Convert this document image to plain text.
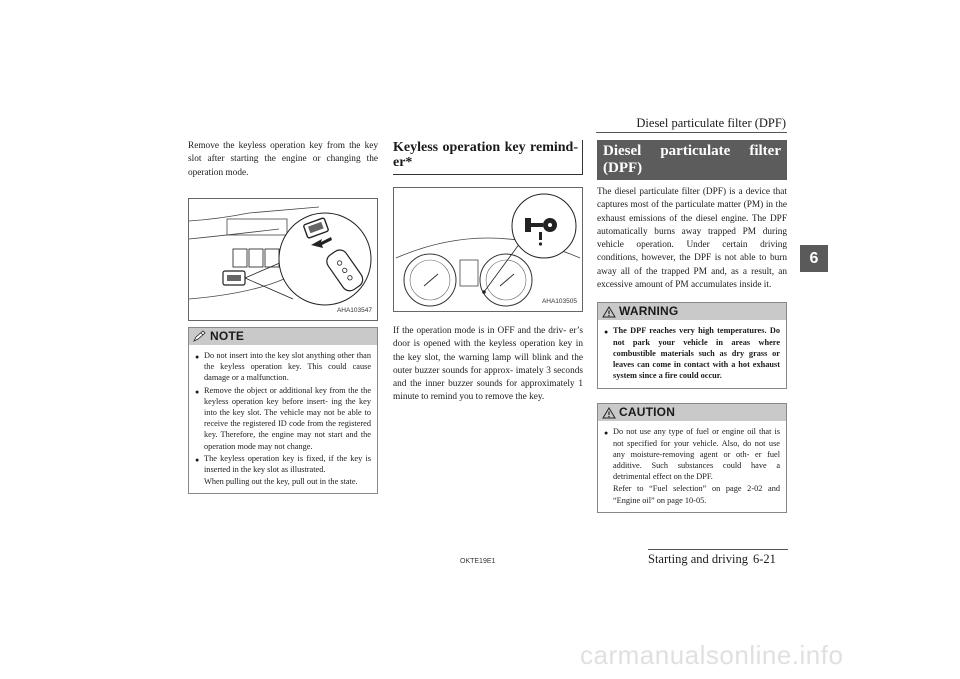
Diesel particulate filter (DPF)
6

Remove the keyless operation key from the key slot after starting the engine or changing the operation mode.

AHA103547
NOTE
● Do not insert into the key slot anything other than the keyless operation key. This could cause damage or a malfunction.
● Remove the object or additional key from the the keyless operation key before insert- ing the key into the key slot. The vehicle may not be able to receive the registered ID code from the registered key. Therefore, the engine may not start and the operation mode may not change.
● The keyless operation key is fixed, if the key is inserted in the key slot as illustrated.
When pulling out the key, pull out in the state.
Keyless operation key remind- er*
AHA103505

If the operation mode is in OFF and the driv- er’s door is opened with the keyless operation key in the key slot, the warning lamp will blink and the outer buzzer sounds for approx- imately 3 seconds and the inner buzzer sounds for approximately 1 minute to remind you to remove the key.

Diesel particulate filter (DPF)

The diesel particulate filter (DPF) is a device that captures most of the particulate matter (PM) in the exhaust emissions of the diesel engine. The DPF automatically burns away trapped PM during vehicle operation. Under certain driving conditions, however, the DPF is not able to burn away all of the trapped PM and, as a result, an excessive amount of PM accumulates inside it.

WARNING
● The DPF reaches very high temperatures. Do not park your vehicle in areas where combustible materials such as dry grass or leaves can come in contact with a hot exhaust system since a fire could occur.
CAUTION
● Do not use any type of fuel or engine oil that is not specified for your vehicle. Also, do not use any moisture-removing agent or oth- er fuel additive. Such substances could have a detrimental effect on the DPF.
Refer to “Fuel selection” on page 2-02 and “Engine oil” on page 10-05.
OKTE19E1	Starting and driving 6-21
carmanualsonline.info
